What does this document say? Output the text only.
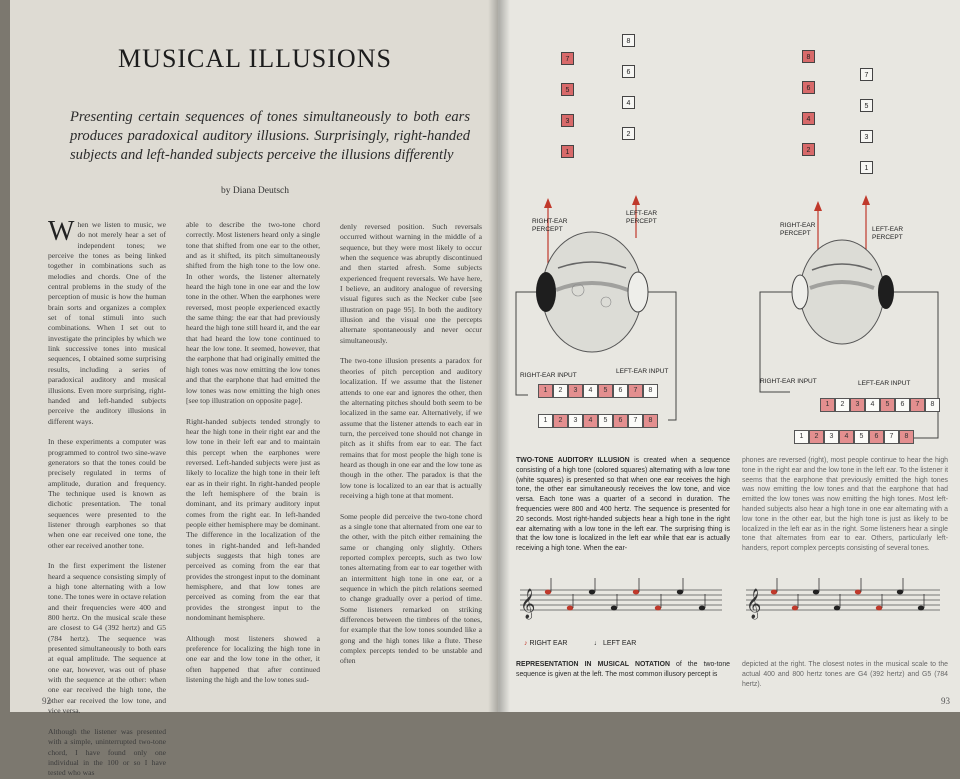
MUSICAL ILLUSIONS
Presenting certain sequences of tones simultaneously to both ears produces paradoxical auditory illusions. Surprisingly, right-handed subjects and left-handed subjects perceive the illusions differently
by Diana Deutsch
When we listen to music, we do not merely hear a set of independent tones; we perceive the tones as being linked together in combinations such as melodies and chords. One of the central problems in the study of the perception of music is how the human brain sorts and organizes a complex set of tonal stimuli into such combinations. When I set out to investigate the principles by which we link successive tones into musical sequences, I obtained some surprising results, including a series of paradoxical auditory and musical illusions. Even more surprising, right-handed and left-handed subjects perceive the auditory illusions in different ways.

In these experiments a computer was programmed to control two sine-wave generators so that the tones could be precisely regulated in terms of amplitude, duration and frequency. The technique used is known as dichotic presentation. The tonal sequences were presented to the listener through earphones so that when one ear received one tone, the other ear received another tone.

In the first experiment the listener heard a sequence consisting simply of a high tone alternating with a low tone. The tones were in octave relation and their frequencies were 400 and 800 hertz. On the musical scale these are closest to G4 (392 hertz) and G5 (784 hertz). The sequence was presented simultaneously to both ears at equal amplitude. The sequence at one ear, however, was out of phase with the sequence at the other: when one ear received the high tone, the other ear received the low tone, and vice versa.

Although the listener was presented with a simple, uninterrupted two-tone chord, I have found only one individual in the 100 or so I have tested who was
able to describe the two-tone chord correctly. Most listeners heard only a single tone that shifted from one ear to the other, and as it shifted, its pitch simultaneously shifted from the high tone to the low one. In other words, the listener alternately heard the high tone in one ear and the low tone in the other. When the earphones were reversed, most people experienced exactly the same thing: the ear that had previously heard the high tone still heard it, and the ear that had heard the low tone continued to hear the low tone. It seemed, however, that the earphone that had originally emitted the high tones was now emitting the low tones and that the earphone that had emitted the low tones was now emitting the high ones [see top illustration on opposite page].

Right-handed subjects tended strongly to hear the high tone in their right ear and the low tone in their left ear and to maintain this percept when the earphones were reversed. Left-handed subjects were just as likely to localize the high tone in their left ear as in their right. In right-handed people the left hemisphere of the brain is dominant, and its primary auditory input comes from the right ear. In left-handed people either hemisphere may be dominant. The difference in the localization of the tones in right-handed and left-handed subjects suggests that high tones are perceived as coming from the ear that provides the strongest input to the dominant hemisphere, and that low tones are perceived as coming from the ear that provides the strongest input to the nondominant hemisphere.

Although most listeners showed a preference for localizing the high tone in one ear and the low tone in the other, it often happened that after continued listening the high and the low tones sud-
denly reversed position. Such reversals occurred without warning in the middle of a sequence, but they were most likely to occur when the sequence was abruptly discontinued and then started afresh. Some subjects experienced frequent reversals. We have here, I believe, an auditory analogue of reversing visual figures such as the Necker cube [see illustration on page 95]. In both the auditory illusion and the visual one the percepts alternate spontaneously and never occur simultaneously.

The two-tone illusion presents a paradox for theories of pitch perception and auditory localization. If we assume that the listener attends to one ear and ignores the other, then the alternating pitches should both seem to be localized in the same ear. Alternatively, if we assume that the listener attends to each ear in turn, the perceived tone should not change in pitch as it shifts from ear to ear. The fact remains that for most people the high tone is heard as though in one ear and the low tone as though in the other. The paradox is that the low tone is localized to an ear that is actually receiving a high tone at that moment.

Some people did perceive the two-tone chord as a single tone that alternated from one ear to the other, with the pitch either remaining the same or changing only slightly. Others reported complex percepts, such as two low tones alternating from ear to ear together with an intermittent high tone in one ear, or a sequence in which the pitch relations seemed to change gradually over a period of time. Some listeners remarked on striking differences between the timbres of the tones, for example that the low tones sounded like a gong and the high tones like a flute. These complex percepts tended to be unstable and often
92
7
5
3
1
8
6
4
2
8
6
4
2
7
5
3
1
RIGHT-EAR PERCEPT
LEFT-EAR PERCEPT
RIGHT-EAR INPUT
LEFT-EAR INPUT
RIGHT-EAR PERCEPT
LEFT-EAR PERCEPT
RIGHT-EAR INPUT	LEFT-EAR INPUT
1	2	3	4	5	6	7	8
1	2	3	4	5	6	7	8
1	2	3	4	5	6	7	8
1	2	3	4	5	6	7	8
TWO-TONE AUDITORY ILLUSION is created when a sequence consisting of a high tone (colored squares) alternating with a low tone (white squares) is presented so that when one ear receives the high tone, the other ear simultaneously receives the low tone, and vice versa. Each tone was a quarter of a second in duration. The frequencies were 800 and 400 hertz. The sequence is presented for 20 seconds. Most right-handed subjects hear a high tone in the right ear alternating with a low tone in the left ear. The surprising thing is that the low tone is localized in the left ear while that ear is actually receiving a high tone. When the ear-
phones are reversed (right), most people continue to hear the high tone in the right ear and the low tone in the left ear. To the listener it seems that the earphone that previously emitted the high tones was now emitting the low tones and that the earphone that had emitted the low tones was now emitting the high tones. Most left-handed subjects also hear a high tone in one ear alternating with a low tone in the other ear, but the high tone is just as likely to be localized in the left ear as in the right. Some listeners hear a single tone that alternates from ear to ear. Others, particularly left-handers, report complex percepts consisting of several tones.
𝄞	𝄞
♪ RIGHT EAR	♩ LEFT EAR
REPRESENTATION IN MUSICAL NOTATION of the two-tone sequence is given at the left. The most common illusory percept is
depicted at the right. The closest notes in the musical scale to the actual 400 and 800 hertz tones are G4 (392 hertz) and G5 (784 hertz).
93
